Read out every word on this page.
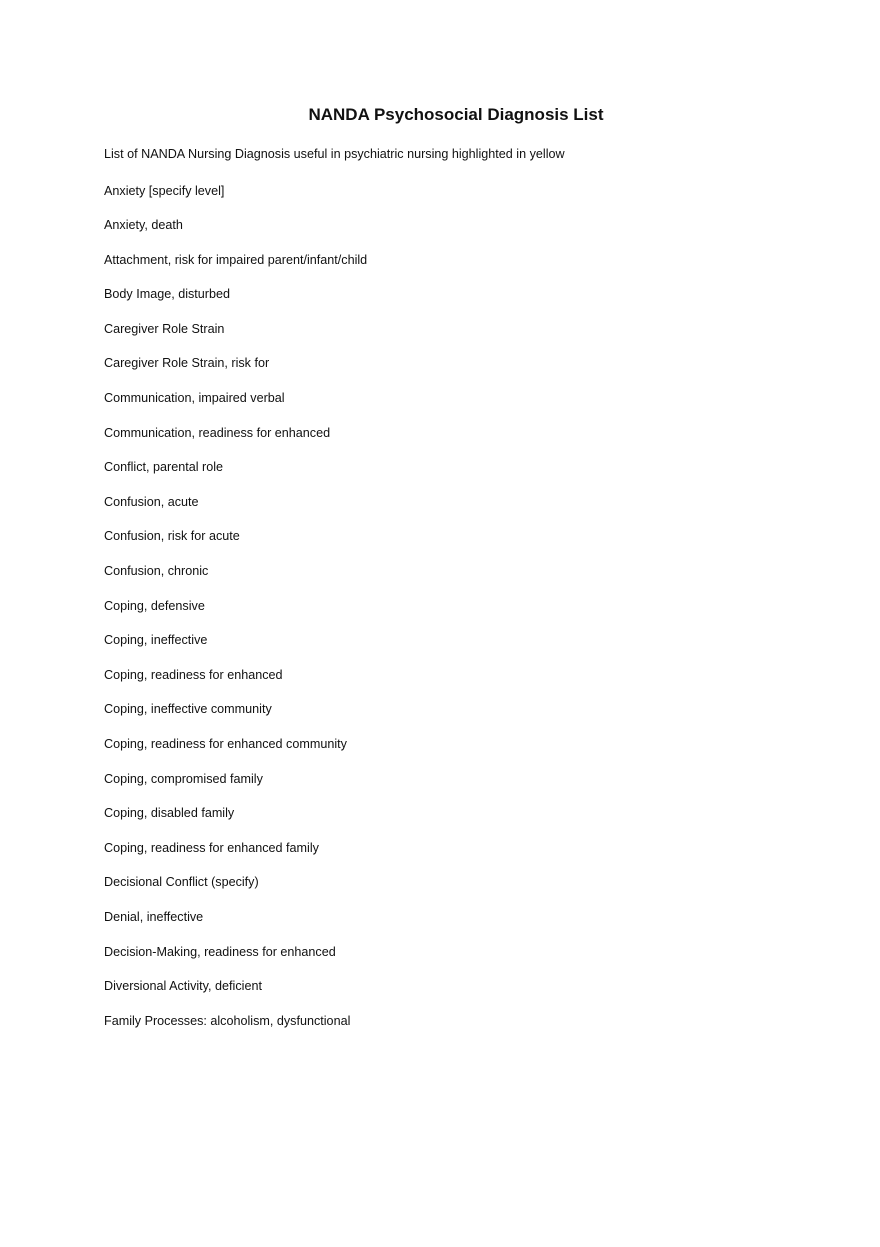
NANDA Psychosocial Diagnosis List
List of NANDA Nursing Diagnosis useful in psychiatric nursing highlighted in yellow
Anxiety [specify level]
Anxiety, death
Attachment, risk for impaired parent/infant/child
Body Image, disturbed
Caregiver Role Strain
Caregiver Role Strain, risk for
Communication, impaired verbal
Communication, readiness for enhanced
Conflict, parental role
Confusion, acute
Confusion, risk for acute
Confusion, chronic
Coping, defensive
Coping, ineffective
Coping, readiness for enhanced
Coping, ineffective community
Coping, readiness for enhanced community
Coping, compromised family
Coping, disabled family
Coping, readiness for enhanced family
Decisional Conflict (specify)
Denial, ineffective
Decision-Making, readiness for enhanced
Diversional Activity, deficient
Family Processes: alcoholism, dysfunctional
